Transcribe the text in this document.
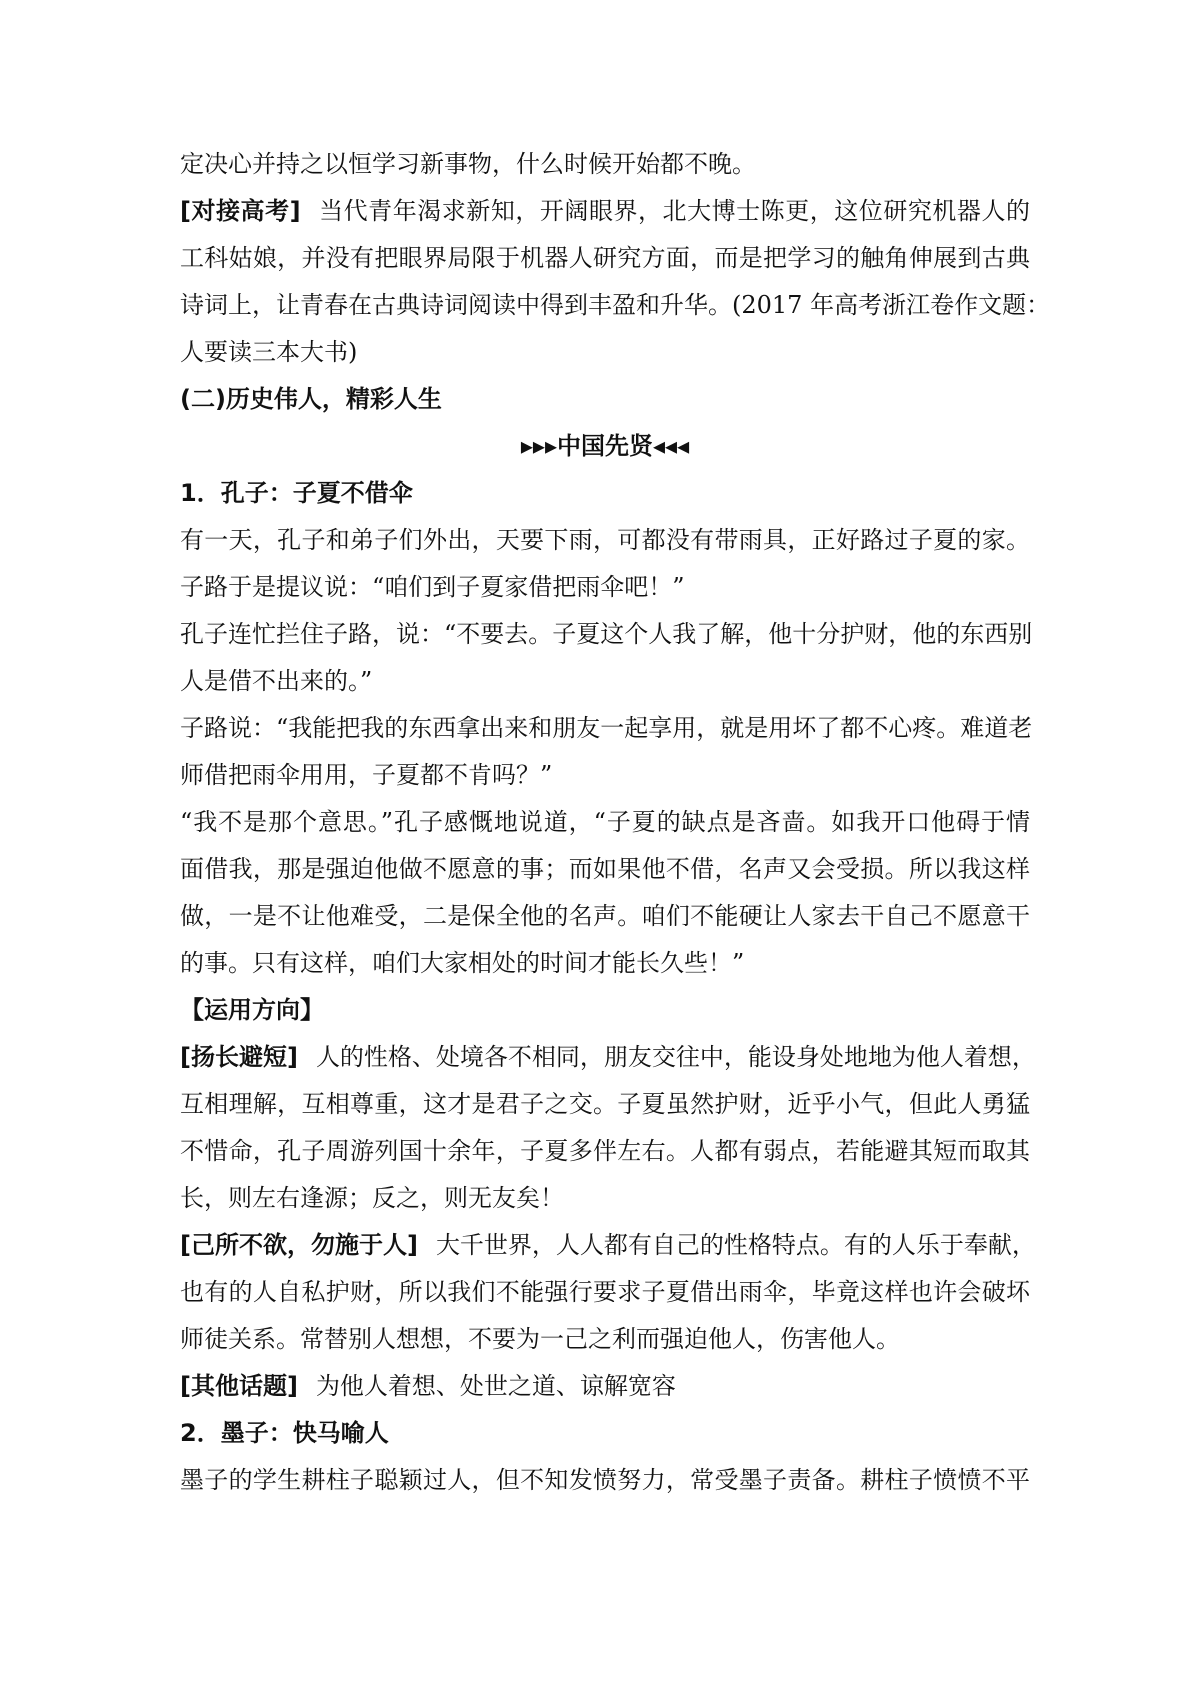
定决心并持之以恒学习新事物，什么时候开始都不晚。
[对接高考] 当代青年渴求新知，开阔眼界，北大博士陈更，这位研究机器人的
工科姑娘，并没有把眼界局限于机器人研究方面，而是把学习的触角伸展到古典
诗词上，让青春在古典诗词阅读中得到丰盈和升华。(2017 年高考浙江卷作文题：
人要读三本大书)
(二)历史伟人，精彩人生
▸▸▸中国先贤◂◂◂
1．孔子：子夏不借伞
有一天，孔子和弟子们外出，天要下雨，可都没有带雨具，正好路过子夏的家。
子路于是提议说：“咱们到子夏家借把雨伞吧！”
孔子连忙拦住子路，说：“不要去。子夏这个人我了解，他十分护财，他的东西别
人是借不出来的。”
子路说：“我能把我的东西拿出来和朋友一起享用，就是用坏了都不心疼。难道老
师借把雨伞用用，子夏都不肯吗？”
“我不是那个意思。”孔子感慨地说道，“子夏的缺点是吝啬。如我开口他碍于情
面借我，那是强迫他做不愿意的事；而如果他不借，名声又会受损。所以我这样
做，一是不让他难受，二是保全他的名声。咱们不能硬让人家去干自己不愿意干
的事。只有这样，咱们大家相处的时间才能长久些！”
【运用方向】
[扬长避短] 人的性格、处境各不相同，朋友交往中，能设身处地地为他人着想，
互相理解，互相尊重，这才是君子之交。子夏虽然护财，近乎小气，但此人勇猛
不惜命，孔子周游列国十余年，子夏多伴左右。人都有弱点，若能避其短而取其
长，则左右逢源；反之，则无友矣！
[己所不欲，勿施于人] 大千世界，人人都有自己的性格特点。有的人乐于奉献，
也有的人自私护财，所以我们不能强行要求子夏借出雨伞，毕竟这样也许会破坏
师徒关系。常替别人想想，不要为一己之利而强迫他人，伤害他人。
[其他话题] 为他人着想、处世之道、谅解宽容
2．墨子：快马喻人
墨子的学生耕柱子聪颖过人，但不知发愤努力，常受墨子责备。耕柱子愤愤不平
